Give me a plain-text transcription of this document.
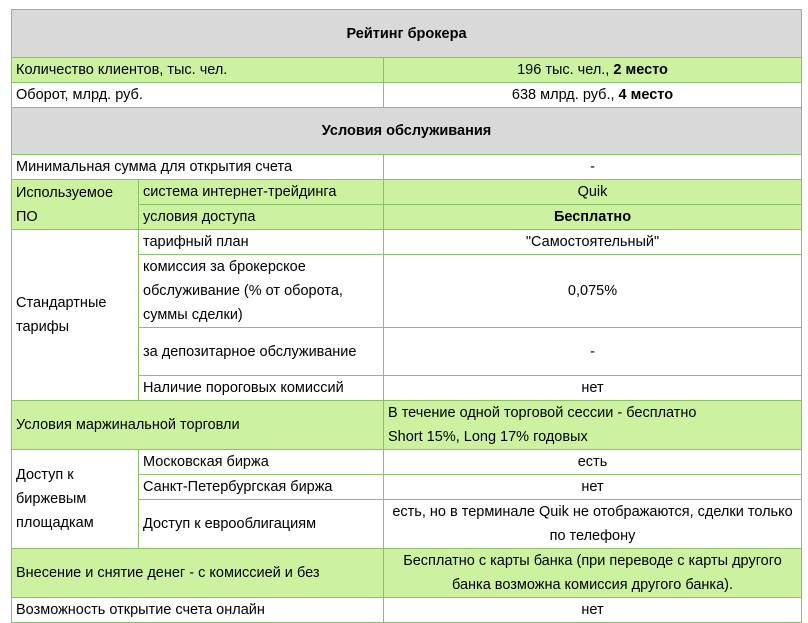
Рейтинг брокера		
Количество клиентов, тыс. чел.		196 тыс. чел., 2 место
Оборот, млрд. руб.		638 млрд. руб., 4 место
Условия обслуживания		
Минимальная сумма для открытия счета		-
Используемое ПО	система интернет-трейдинга	Quik
	условия доступа	Бесплатно
Стандартные тарифы	тарифный план	"Самостоятельный"
	комиссия за брокерское обслуживание (% от оборота, суммы сделки)	0,075%
	за депозитарное обслуживание	-
	Наличие пороговых комиссий	нет
Условия маржинальной торговли		В течение одной торговой сессии - бесплатно
Short 15%, Long 17% годовых

Доступ к биржевым площадкам	Московская биржа	есть
	Санкт-Петербургская биржа	нет
	Доступ к еврооблигациям	есть, но в терминале Quik не отображаются, сделки только по телефону
Внесение и снятие денег - с комиссией и без		Бесплатно с карты банка (при переводе с карты другого банка возможна комиссия другого банка).
Возможность открытие счета онлайн		нет
